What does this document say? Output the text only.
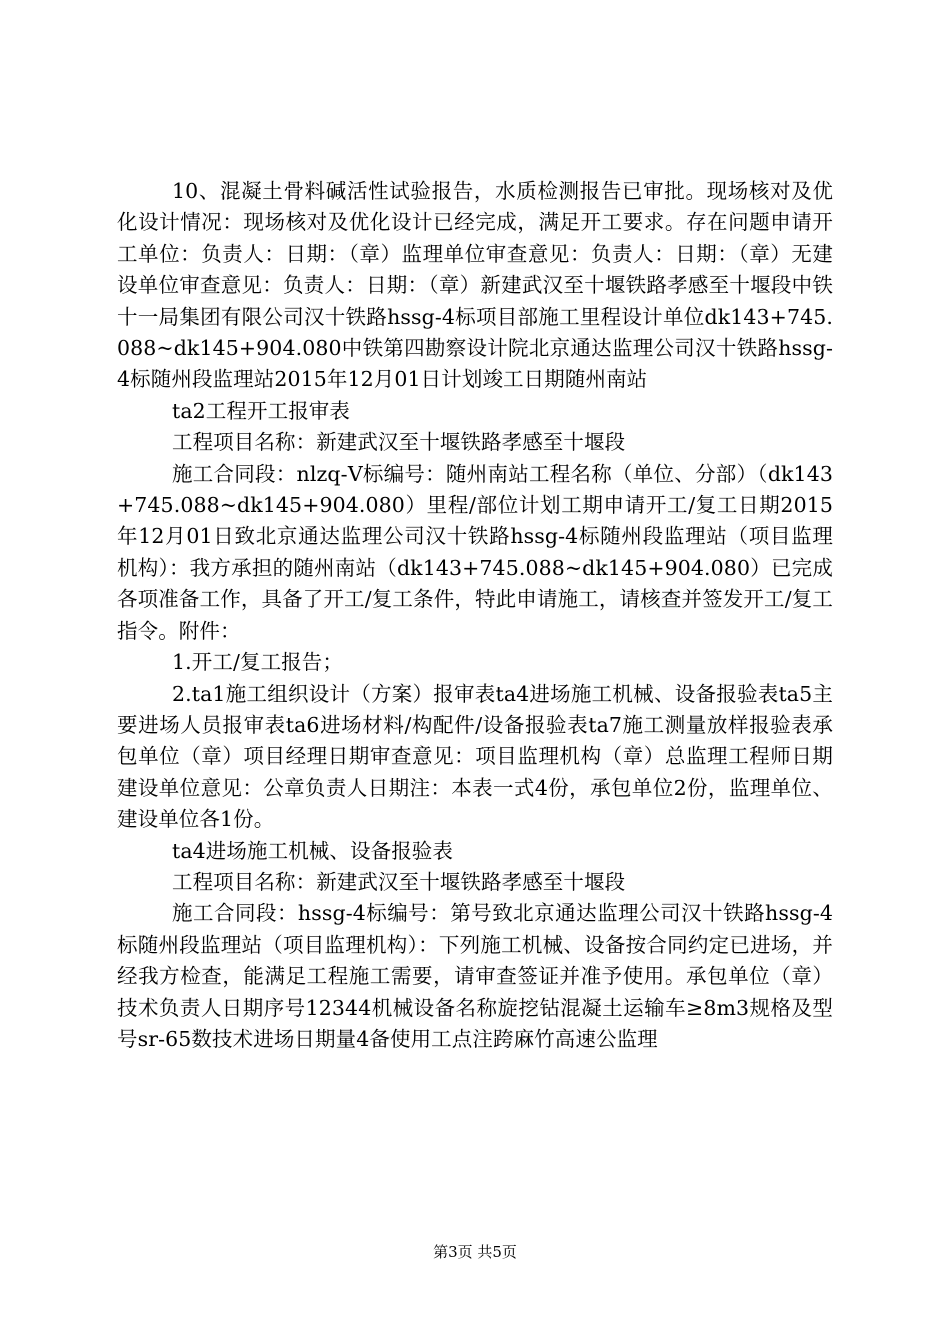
10、混凝土骨料碱活性试验报告，水质检测报告已审批。现场核对及优化设计情况：现场核对及优化设计已经完成，满足开工要求。存在问题申请开工单位：负责人：日期：（章）监理单位审查意见：负责人：日期：（章）无建设单位审查意见：负责人：日期：（章）新建武汉至十堰铁路孝感至十堰段中铁十一局集团有限公司汉十铁路hssg-4标项目部施工里程设计单位dk143+745.088~dk145+904.080中铁第四勘察设计院北京通达监理公司汉十铁路hssg-4标随州段监理站2015年12月01日计划竣工日期随州南站

ta2工程开工报审表

工程项目名称：新建武汉至十堰铁路孝感至十堰段

施工合同段：nlzq-Ⅴ标编号：随州南站工程名称（单位、分部）（dk143+745.088~dk145+904.080）里程/部位计划工期申请开工/复工日期2015年12月01日致北京通达监理公司汉十铁路hssg-4标随州段监理站（项目监理机构）：我方承担的随州南站（dk143+745.088~dk145+904.080）已完成各项准备工作，具备了开工/复工条件，特此申请施工，请核查并签发开工/复工指令。附件：

1.开工/复工报告；

2.ta1施工组织设计（方案）报审表ta4进场施工机械、设备报验表ta5主要进场人员报审表ta6进场材料/构配件/设备报验表ta7施工测量放样报验表承包单位（章）项目经理日期审查意见：项目监理机构（章）总监理工程师日期建设单位意见：公章负责人日期注：本表一式4份，承包单位2份，监理单位、建设单位各1份。

ta4进场施工机械、设备报验表

工程项目名称：新建武汉至十堰铁路孝感至十堰段

施工合同段：hssg-4标编号：第号致北京通达监理公司汉十铁路hssg-4标随州段监理站（项目监理机构）：下列施工机械、设备按合同约定已进场，并经我方检查，能满足工程施工需要，请审查签证并准予使用。承包单位（章）技术负责人日期序号12344机械设备名称旋挖钻混凝土运输车≥8m3规格及型号sr-65数技术进场日期量4备使用工点注跨麻竹高速公监理

第3页 共5页
